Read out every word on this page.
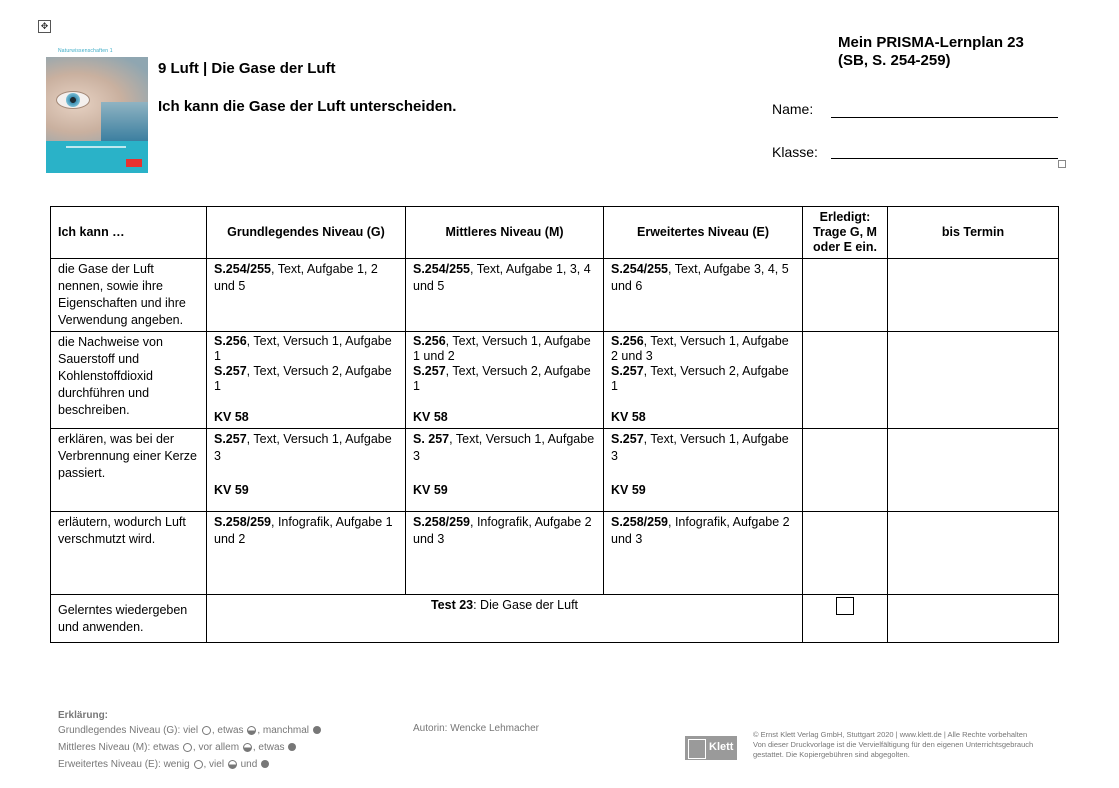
✥
Naturwissenschaften 1
9 Luft | Die Gase der Luft
Ich kann die Gase der Luft unterscheiden.
Mein PRISMA-Lernplan 23
(SB, S. 254-259)
Name:
Klasse:
Ich kann …	Grundlegendes Niveau (G)	Mittleres Niveau (M)	Erweitertes Niveau (E)	Erledigt:
Trage G, M
oder E ein.	bis Termin
die Gase der Luft nennen, sowie ihre Eigenschaften und ihre Verwendung angeben.	S.254/255, Text, Aufgabe 1, 2 und 5	S.254/255, Text, Aufgabe 1, 3, 4 und 5	S.254/255, Text, Aufgabe 3, 4, 5 und 6		
die Nachweise von Sauerstoff und Kohlenstoffdioxid durchführen und beschreiben.	S.256, Text, Versuch 1, Aufgabe 1
S.257, Text, Versuch 2, Aufgabe 1
KV 58	S.256, Text, Versuch 1, Aufgabe 1 und 2
S.257, Text, Versuch 2, Aufgabe 1
KV 58	S.256, Text, Versuch 1, Aufgabe 2 und 3
S.257, Text, Versuch 2, Aufgabe 1
KV 58		

erklären, was bei der Verbrennung einer Kerze passiert.	S.257, Text, Versuch 1, Aufgabe 3
KV 59	S. 257, Text, Versuch 1, Aufgabe 3
KV 59	S.257, Text, Versuch 1, Aufgabe 3
KV 59		

erläutern, wodurch Luft verschmutzt wird.	S.258/259, Infografik, Aufgabe 1 und 2	S.258/259, Infografik, Aufgabe 2 und 3	S.258/259, Infografik, Aufgabe 2 und 3		
Gelerntes wiedergeben und anwenden.	Test 23: Die Gase der Luft				
Erklärung:
Grundlegendes Niveau (G): viel , etwas , manchmal
Mittleres Niveau (M): etwas , vor allem , etwas
Erweitertes Niveau (E): wenig , viel  und
Autorin: Wencke Lehmacher
Klett
© Ernst Klett Verlag GmbH, Stuttgart 2020 | www.klett.de | Alle Rechte vorbehalten
Von dieser Druckvorlage ist die Vervielfältigung für den eigenen Unterrichtsgebrauch
gestattet. Die Kopiergebühren sind abgegolten.
